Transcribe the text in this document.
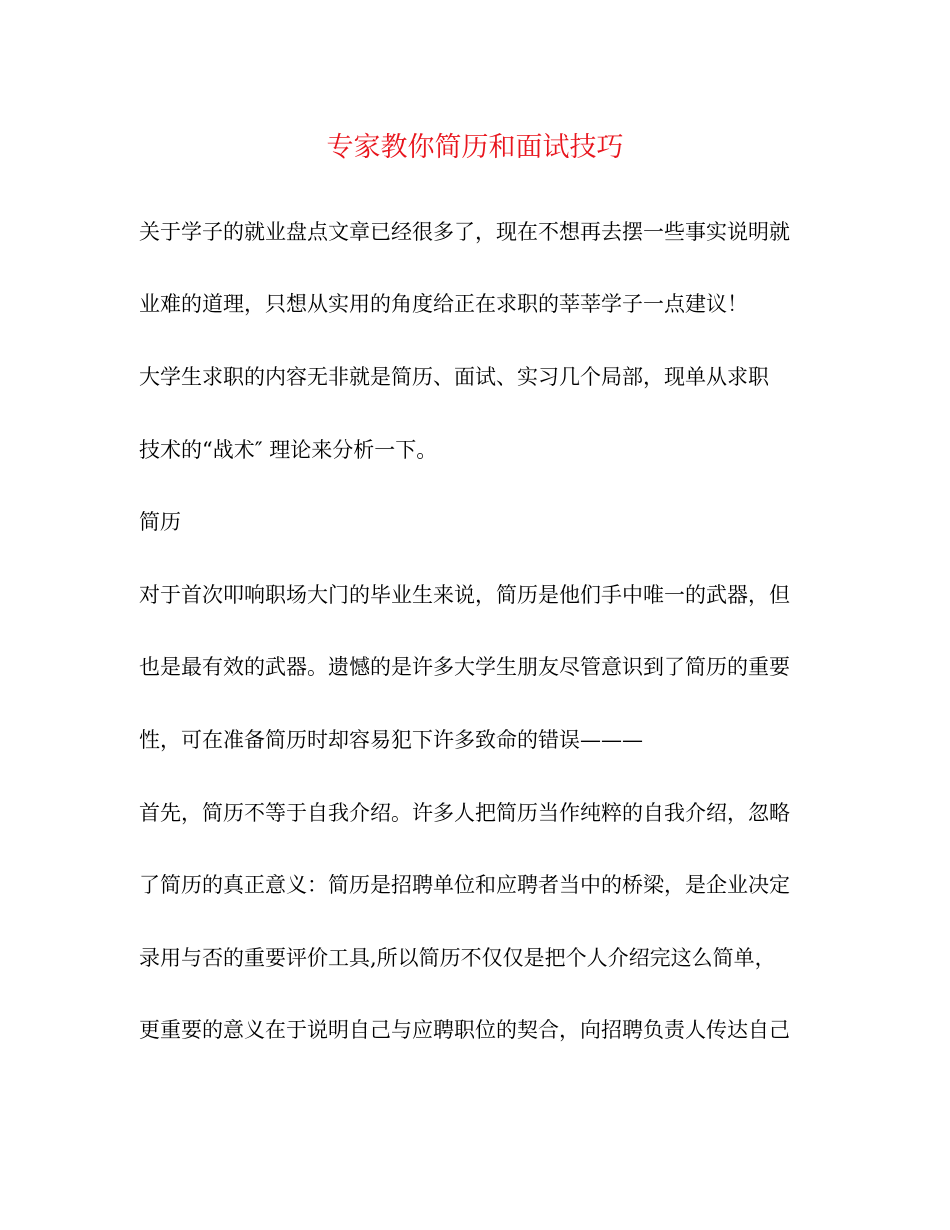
专家教你简历和面试技巧
关于学子的就业盘点文章已经很多了，现在不想再去摆一些事实说明就
业难的道理，只想从实用的角度给正在求职的莘莘学子一点建议！
大学生求职的内容无非就是简历、面试、实习几个局部，现单从求职
技术的“战术″ 理论来分析一下。
简历
对于首次叩响职场大门的毕业生来说，简历是他们手中唯一的武器，但
也是最有效的武器。遗憾的是许多大学生朋友尽管意识到了简历的重要
性，可在准备简历时却容易犯下许多致命的错误———
首先，简历不等于自我介绍。许多人把简历当作纯粹的自我介绍，忽略
了简历的真正意义：简历是招聘单位和应聘者当中的桥梁，是企业决定
录用与否的重要评价工具,所以简历不仅仅是把个人介绍完这么简单，
更重要的意义在于说明自己与应聘职位的契合，向招聘负责人传达自己
